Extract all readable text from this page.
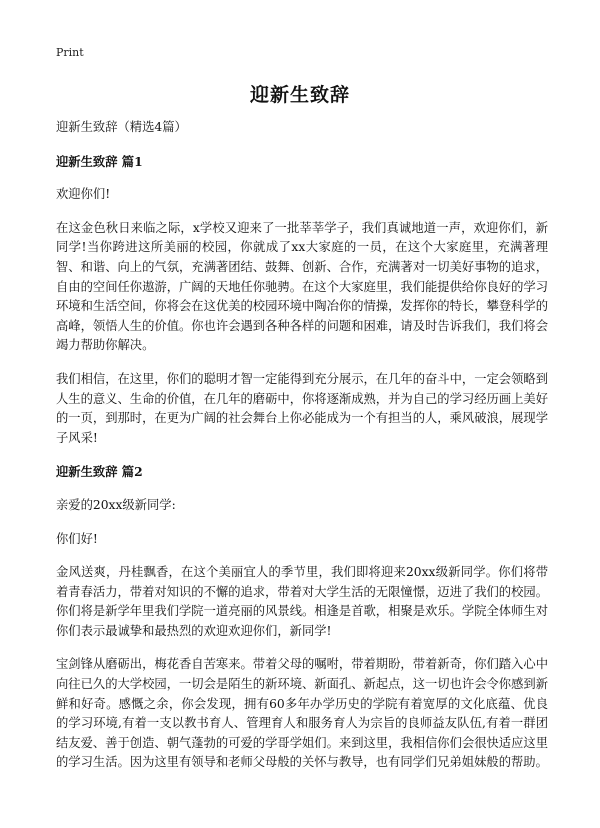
Print
迎新生致辞

迎新生致辞（精选4篇）

迎新生致辞 篇1

欢迎你们!

在这金色秋日来临之际，x学校又迎来了一批莘莘学子，我们真诚地道一声，欢迎你们，新同学!当你跨进这所美丽的校园，你就成了xx大家庭的一员，在这个大家庭里，充满著理智、和谐、向上的气氛，充满著团结、鼓舞、创新、合作，充满著对一切美好事物的追求，自由的空间任你遨游，广阔的天地任你驰骋。在这个大家庭里，我们能提供给你良好的学习环境和生活空间，你将会在这优美的校园环境中陶冶你的情操，发挥你的特长，攀登科学的高峰，领悟人生的价值。你也许会遇到各种各样的问题和困难，请及时告诉我们，我们将会竭力帮助你解决。

我们相信，在这里，你们的聪明才智一定能得到充分展示，在几年的奋斗中，一定会领略到人生的意义、生命的价值，在几年的磨砺中，你将逐渐成熟，并为自己的学习经历画上美好的一页，到那时，在更为广阔的社会舞台上你必能成为一个有担当的人，乘风破浪，展现学子风采!

迎新生致辞 篇2

亲爱的20xx级新同学:

你们好!

金风送爽，丹桂飘香，在这个美丽宜人的季节里，我们即将迎来20xx级新同学。你们将带着青春活力，带着对知识的不懈的追求，带着对大学生活的无限憧憬，迈进了我们的校园。你们将是新学年里我们学院一道亮丽的风景线。相逢是首歌，相聚是欢乐。学院全体师生对你们表示最诚挚和最热烈的欢迎欢迎你们，新同学!

宝剑锋从磨砺出，梅花香自苦寒来。带着父母的嘱咐，带着期盼，带着新奇，你们踏入心中向往已久的大学校园，一切会是陌生的新环境、新面孔、新起点，这一切也许会令你感到新鲜和好奇。感慨之余，你会发现，拥有60多年办学历史的学院有着宽厚的文化底蕴、优良的学习环境,有着一支以教书育人、管理育人和服务育人为宗旨的良师益友队伍,有着一群团结友爱、善于创造、朝气蓬勃的可爱的学哥学姐们。来到这里，我相信你们会很快适应这里的学习生活。因为这里有领导和老师父母般的关怀与教导，也有同学们兄弟姐妹般的帮助。
